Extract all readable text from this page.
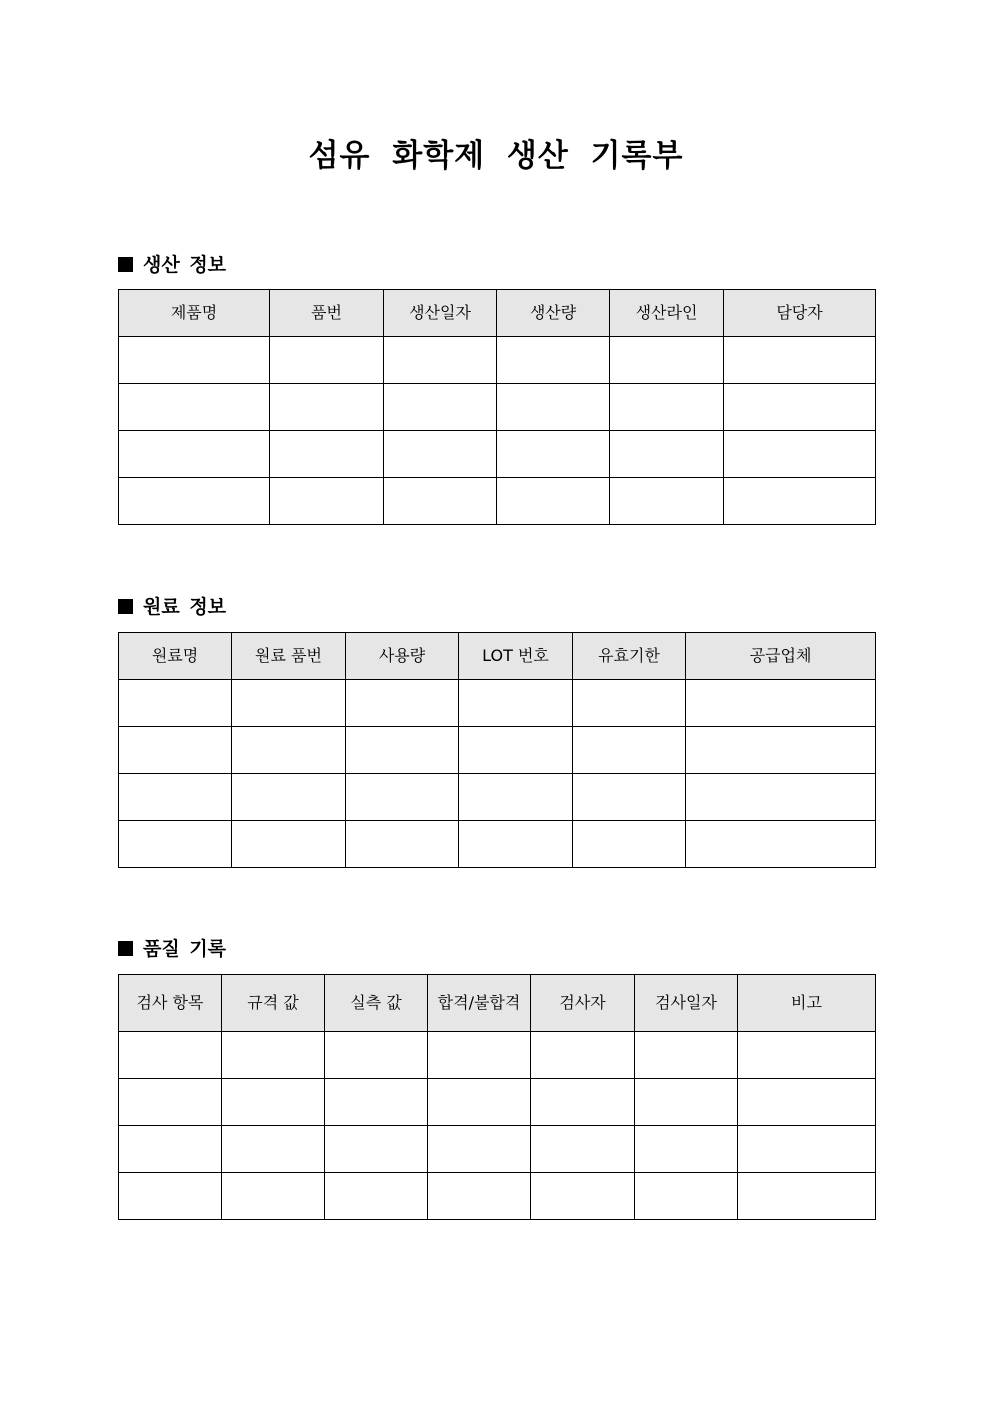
섬유 화학제 생산 기록부
생산 정보
제품명	품번	생산일자	생산량	생산라인	담당자

원료 정보
원료명	원료 품번	사용량	LOT 번호	유효기한	공급업체

품질 기록
검사 항목	규격 값	실측 값	합격/불합격	검사자	검사일자	비고
